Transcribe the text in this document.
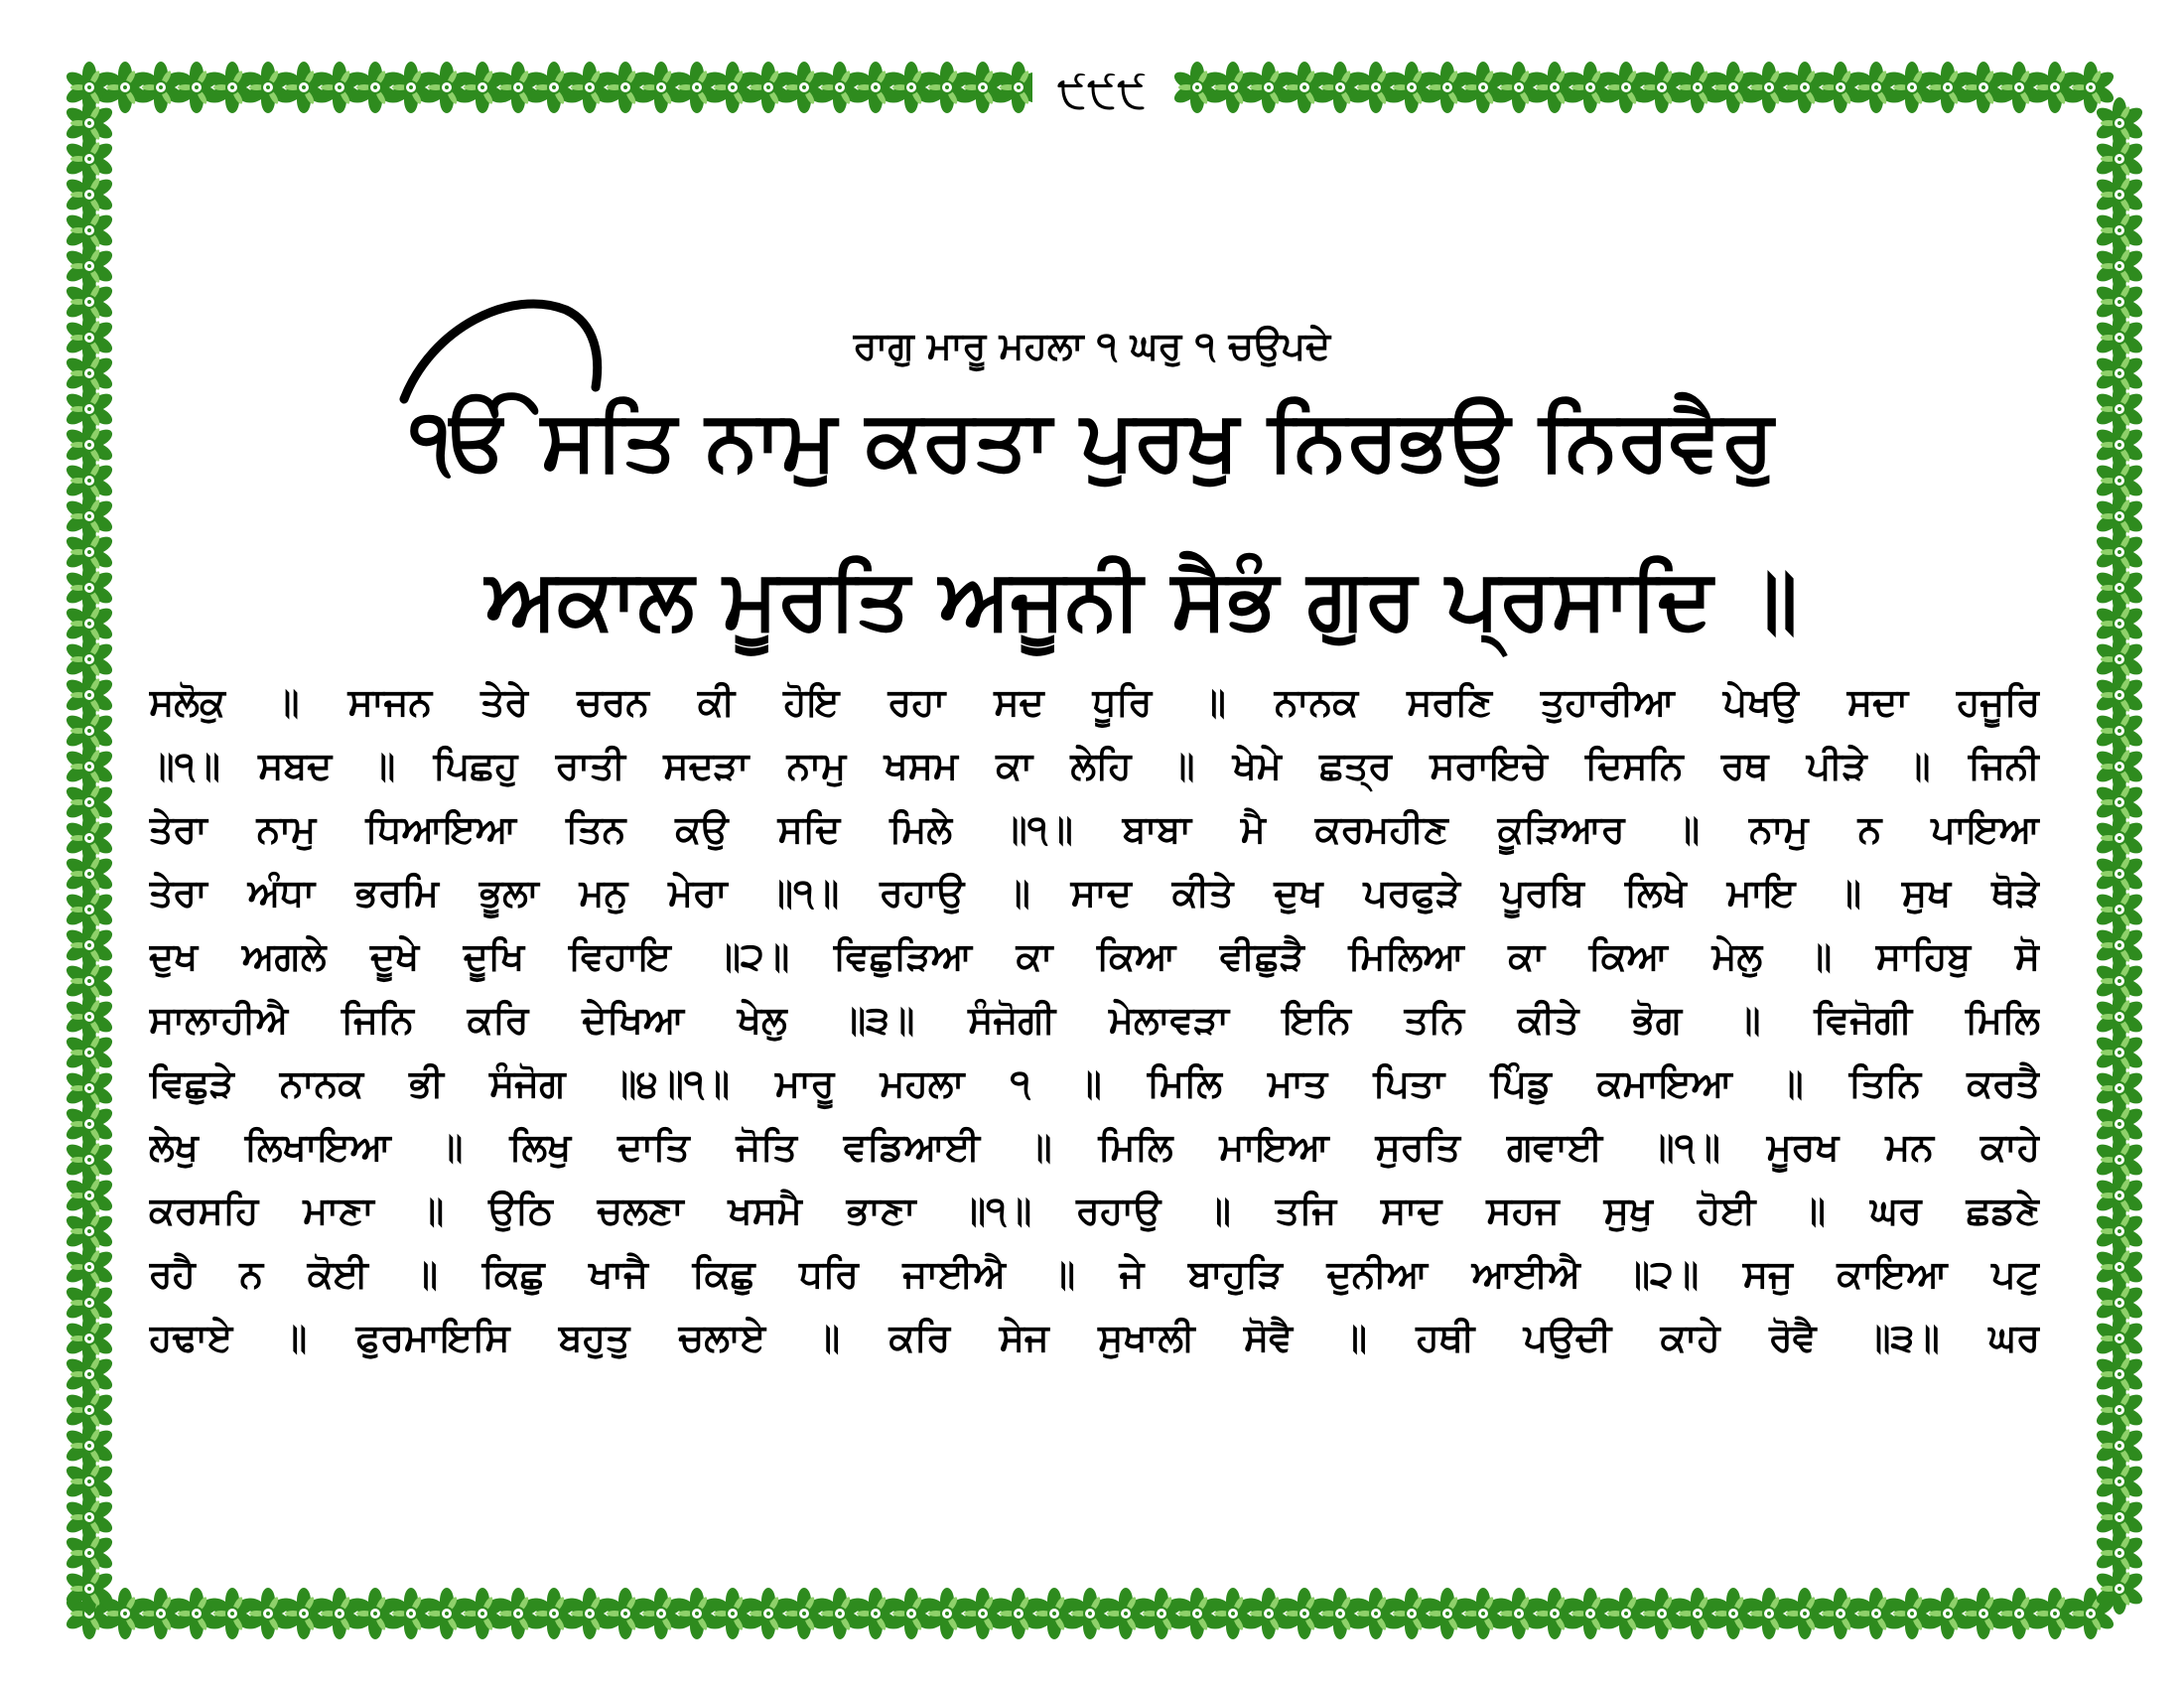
੯੯੯
ਰਾਗੁ ਮਾਰੂ ਮਹਲਾ ੧ ਘਰੁ ੧ ਚਉਪਦੇ
ੴ ਸਤਿ ਨਾਮੁ ਕਰਤਾ ਪੁਰਖੁ ਨਿਰਭਉ ਨਿਰਵੈਰੁ
ਅਕਾਲ ਮੂਰਤਿ ਅਜੂਨੀ ਸੈਭੰ ਗੁਰ ਪ੍ਰਸਾਦਿ ॥
ਸਲੋਕੁ ॥ ਸਾਜਨ ਤੇਰੇ ਚਰਨ ਕੀ ਹੋਇ ਰਹਾ ਸਦ ਧੂਰਿ ॥ ਨਾਨਕ ਸਰਣਿ ਤੁਹਾਰੀਆ ਪੇਖਉ ਸਦਾ ਹਜੂਰਿ
॥੧॥ ਸਬਦ ॥ ਪਿਛਹੁ ਰਾਤੀ ਸਦੜਾ ਨਾਮੁ ਖਸਮ ਕਾ ਲੇਹਿ ॥ ਖੇਮੇ ਛਤ੍ਰ ਸਰਾਇਚੇ ਦਿਸਨਿ ਰਥ ਪੀੜੇ ॥ ਜਿਨੀ
ਤੇਰਾ ਨਾਮੁ ਧਿਆਇਆ ਤਿਨ ਕਉ ਸਦਿ ਮਿਲੇ ॥੧॥ ਬਾਬਾ ਮੈ ਕਰਮਹੀਣ ਕੂੜਿਆਰ ॥ ਨਾਮੁ ਨ ਪਾਇਆ
ਤੇਰਾ ਅੰਧਾ ਭਰਮਿ ਭੂਲਾ ਮਨੁ ਮੇਰਾ ॥੧॥ ਰਹਾਉ ॥ ਸਾਦ ਕੀਤੇ ਦੁਖ ਪਰਫੁੜੇ ਪੂਰਬਿ ਲਿਖੇ ਮਾਇ ॥ ਸੁਖ ਥੋੜੇ
ਦੁਖ ਅਗਲੇ ਦੂਖੇ ਦੂਖਿ ਵਿਹਾਇ ॥੨॥ ਵਿਛੁੜਿਆ ਕਾ ਕਿਆ ਵੀਛੁੜੈ ਮਿਲਿਆ ਕਾ ਕਿਆ ਮੇਲੁ ॥ ਸਾਹਿਬੁ ਸੋ
ਸਾਲਾਹੀਐ ਜਿਨਿ ਕਰਿ ਦੇਖਿਆ ਖੇਲੁ ॥੩॥ ਸੰਜੋਗੀ ਮੇਲਾਵੜਾ ਇਨਿ ਤਨਿ ਕੀਤੇ ਭੋਗ ॥ ਵਿਜੋਗੀ ਮਿਲਿ
ਵਿਛੁੜੇ ਨਾਨਕ ਭੀ ਸੰਜੋਗ ॥੪॥੧॥ ਮਾਰੂ ਮਹਲਾ ੧ ॥ ਮਿਲਿ ਮਾਤ ਪਿਤਾ ਪਿੰਡੁ ਕਮਾਇਆ ॥ ਤਿਨਿ ਕਰਤੈ
ਲੇਖੁ ਲਿਖਾਇਆ ॥ ਲਿਖੁ ਦਾਤਿ ਜੋਤਿ ਵਡਿਆਈ ॥ ਮਿਲਿ ਮਾਇਆ ਸੁਰਤਿ ਗਵਾਈ ॥੧॥ ਮੂਰਖ ਮਨ ਕਾਹੇ
ਕਰਸਹਿ ਮਾਣਾ ॥ ਉਠਿ ਚਲਣਾ ਖਸਮੈ ਭਾਣਾ ॥੧॥ ਰਹਾਉ ॥ ਤਜਿ ਸਾਦ ਸਹਜ ਸੁਖੁ ਹੋਈ ॥ ਘਰ ਛਡਣੇ
ਰਹੈ ਨ ਕੋਈ ॥ ਕਿਛੁ ਖਾਜੈ ਕਿਛੁ ਧਰਿ ਜਾਈਐ ॥ ਜੇ ਬਾਹੁੜਿ ਦੁਨੀਆ ਆਈਐ ॥੨॥ ਸਜੁ ਕਾਇਆ ਪਟੁ
ਹਢਾਏ ॥ ਫੁਰਮਾਇਸਿ ਬਹੁਤੁ ਚਲਾਏ ॥ ਕਰਿ ਸੇਜ ਸੁਖਾਲੀ ਸੋਵੈ ॥ ਹਥੀ ਪਉਦੀ ਕਾਹੇ ਰੋਵੈ ॥੩॥ ਘਰ
